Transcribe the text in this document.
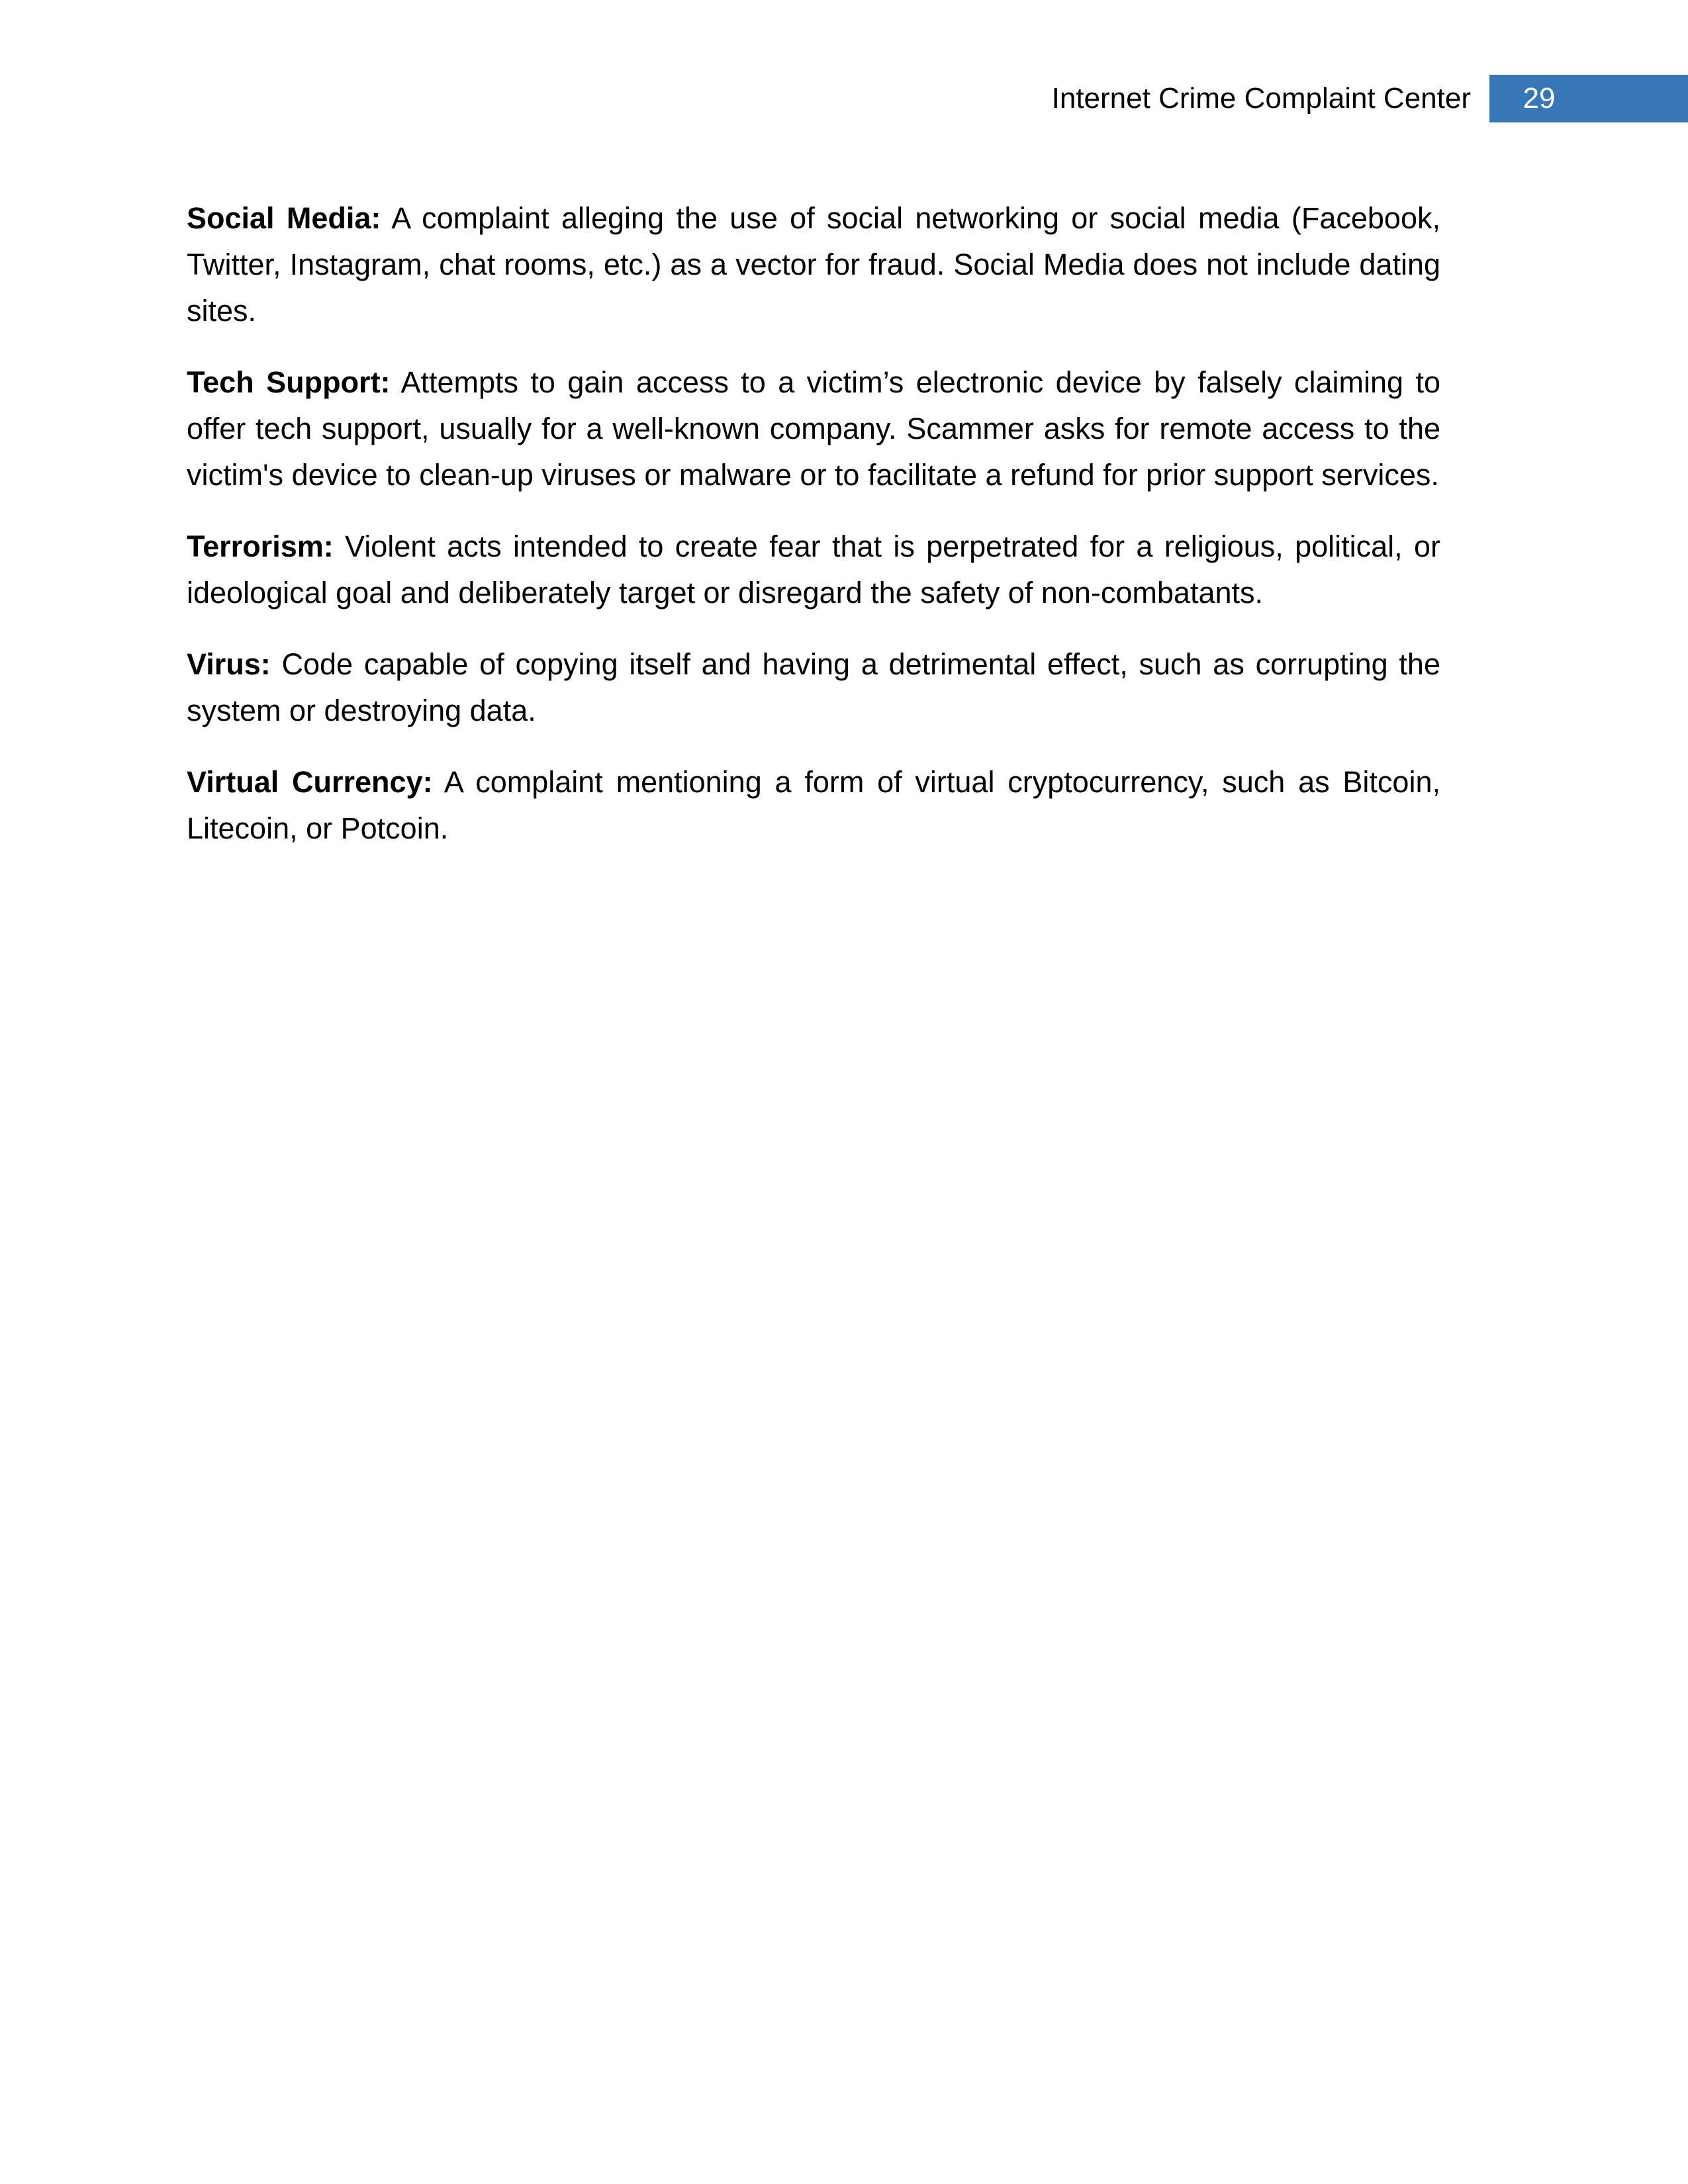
Internet Crime Complaint Center	29

Social Media: A complaint alleging the use of social networking or social media (Facebook, Twitter, Instagram, chat rooms, etc.) as a vector for fraud. Social Media does not include dating sites.

Tech Support: Attempts to gain access to a victim’s electronic device by falsely claiming to offer tech support, usually for a well-known company. Scammer asks for remote access to the victim's device to clean-up viruses or malware or to facilitate a refund for prior support services.

Terrorism: Violent acts intended to create fear that is perpetrated for a religious, political, or ideological goal and deliberately target or disregard the safety of non-combatants.

Virus: Code capable of copying itself and having a detrimental effect, such as corrupting the system or destroying data.

Virtual Currency: A complaint mentioning a form of virtual cryptocurrency, such as Bitcoin, Litecoin, or Potcoin.
